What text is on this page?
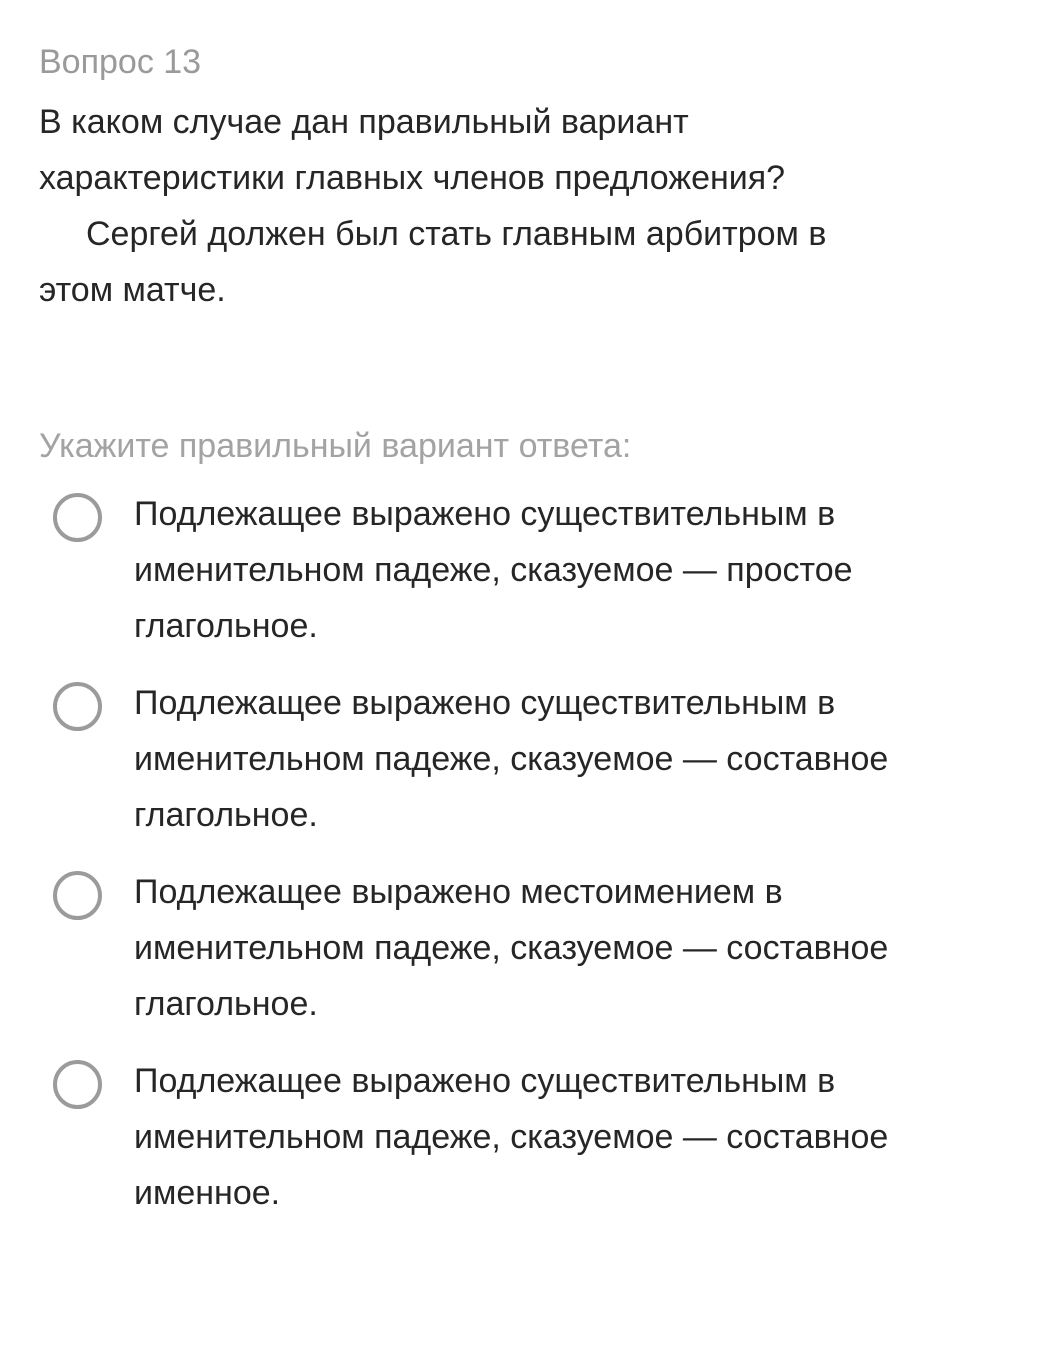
Вопрос 13
В каком случае дан правильный вариант
характеристики главных членов предложения?
Сергей должен был стать главным арбитром в
этом матче.
Укажите правильный вариант ответа:
Подлежащее выражено существительным в
именительном падеже, сказуемое — простое
глагольное.
Подлежащее выражено существительным в
именительном падеже, сказуемое — составное
глагольное.
Подлежащее выражено местоимением в
именительном падеже, сказуемое — составное
глагольное.
Подлежащее выражено существительным в
именительном падеже, сказуемое — составное
именное.
